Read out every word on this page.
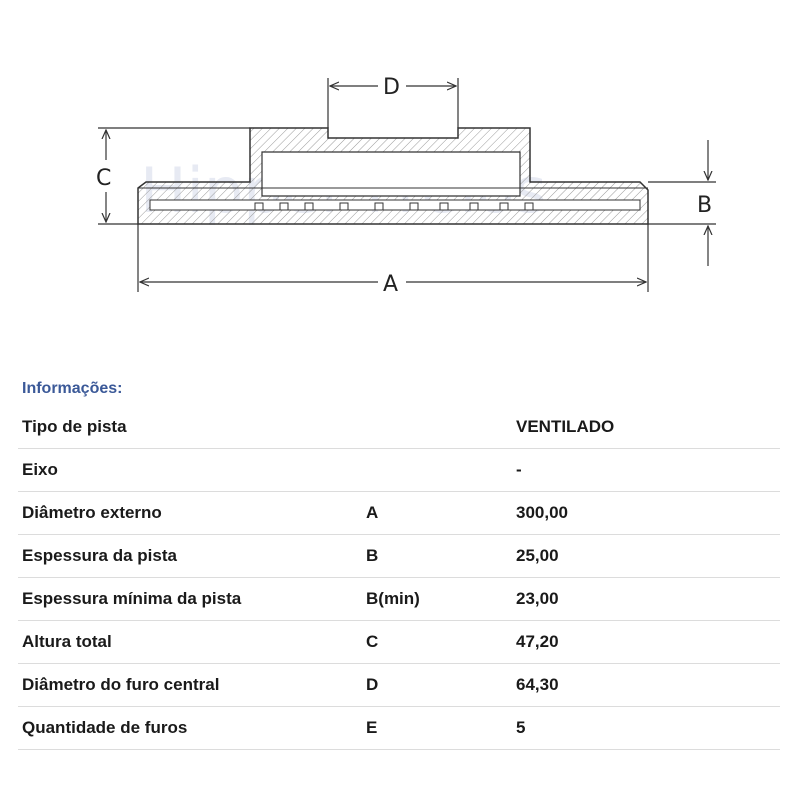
D
C
B
A
Informações:
Tipo de pista		VENTILADO
Eixo		-
Diâmetro externo	A	300,00
Espessura da pista	B	25,00
Espessura mínima da pista	B(min)	23,00
Altura total	C	47,20
Diâmetro do furo central	D	64,30
Quantidade de furos	E	5
